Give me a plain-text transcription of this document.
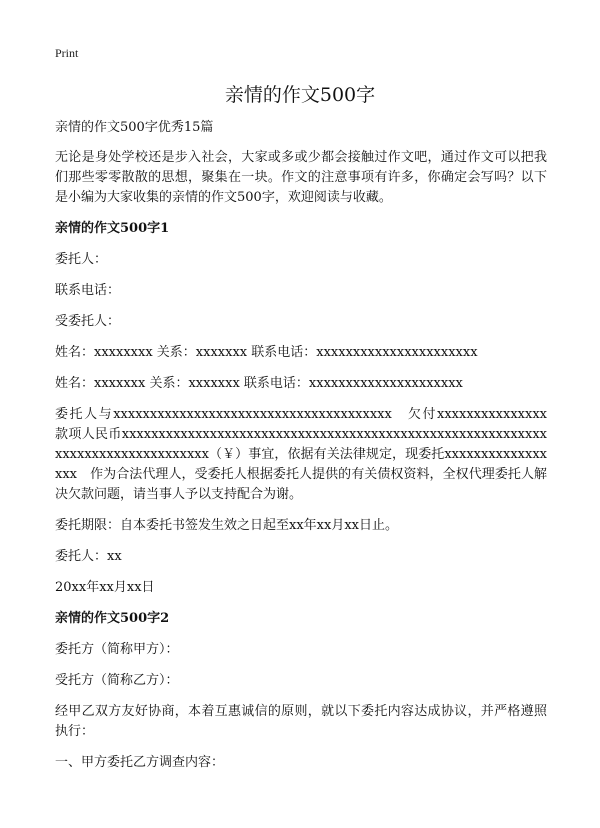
Print
亲情的作文500字

亲情的作文500字优秀15篇

无论是身处学校还是步入社会，大家或多或少都会接触过作文吧，通过作文可以把我们那些零零散散的思想，聚集在一块。作文的注意事项有许多，你确定会写吗？以下是小编为大家收集的亲情的作文500字，欢迎阅读与收藏。

亲情的作文500字1

委托人：

联系电话：

受委托人：

姓名：xxxxxxxx 关系：xxxxxxx 联系电话：xxxxxxxxxxxxxxxxxxxxxx

姓名：xxxxxxx 关系：xxxxxxx 联系电话：xxxxxxxxxxxxxxxxxxxxx

委托人与xxxxxxxxxxxxxxxxxxxxxxxxxxxxxxxxxxxxxx　欠付xxxxxxxxxxxxxxx　款项人民币xxxxxxxxxxxxxxxxxxxxxxxxxxxxxxxxxxxxxxxxxxxxxxxxxxxxxxxxxxxxxxxxxxxxxxxxxxxxxxx（￥）事宜，依据有关法律规定，现委托xxxxxxxxxxxxxxxxx　作为合法代理人，受委托人根据委托人提供的有关债权资料，全权代理委托人解决欠款问题，请当事人予以支持配合为谢。

委托期限：自本委托书签发生效之日起至xx年xx月xx日止。

委托人：xx

20xx年xx月xx日

亲情的作文500字2

委托方（简称甲方）：

受托方（简称乙方）：

经甲乙双方友好协商，本着互惠诚信的原则，就以下委托内容达成协议，并严格遵照执行：

一、甲方委托乙方调查内容：
